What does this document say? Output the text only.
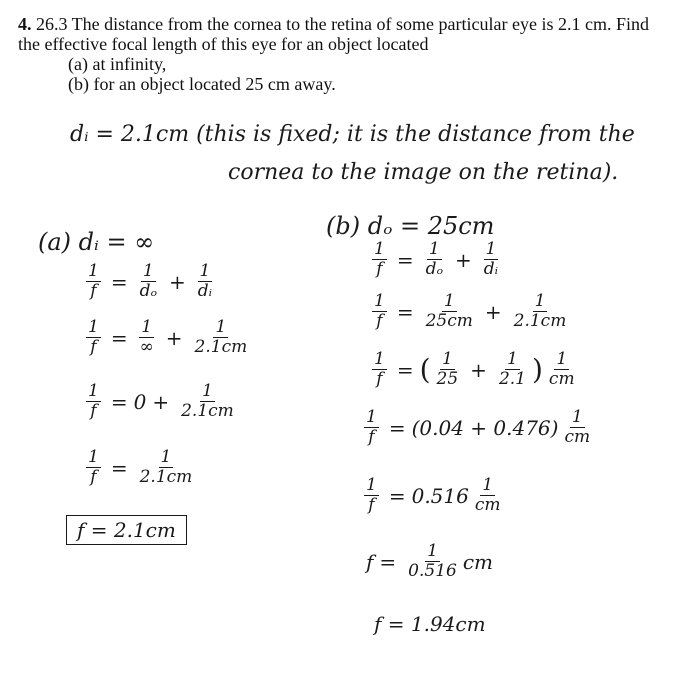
4. 26.3 The distance from the cornea to the retina of some particular eye is 2.1 cm. Find the effective focal length of this eye for an object located
(a) at infinity,
(b) for an object located 25 cm away.
dᵢ = 2.1cm (this is fixed; it is the distance from the
cornea to the image on the retina).
(a) dᵢ = ∞
$\frac{1}{f} = \frac{1}{\text{dₒ}} + \frac{1}{\text{dᵢ}}$
$\frac{1}{f} = \frac{1}{\infty} + \frac{1}{2.1cm}$
$\frac{1}{f} = 0 + \frac{1}{2.1cm}$
$\frac{1}{f} = \frac{1}{2.1cm}$
f = 2.1cm
(b) dₒ = 25cm
$\frac{1}{f} = \frac{1}{\text{dₒ}} + \frac{1}{\text{dᵢ}}$
$\frac{1}{f} = \frac{1}{25cm} + \frac{1}{2.1cm}$
$\frac{1}{f}$ = ( $\frac{1}{25} + \frac{1}{2.1}$ ) $\frac{1}{cm}$
$\frac{1}{f} = (0.04 + 0.476) \frac{1}{cm}$
$\frac{1}{f} = 0.516 \frac{1}{cm}$
$f = \frac{1}{0.516}$ cm
f = 1.94cm
